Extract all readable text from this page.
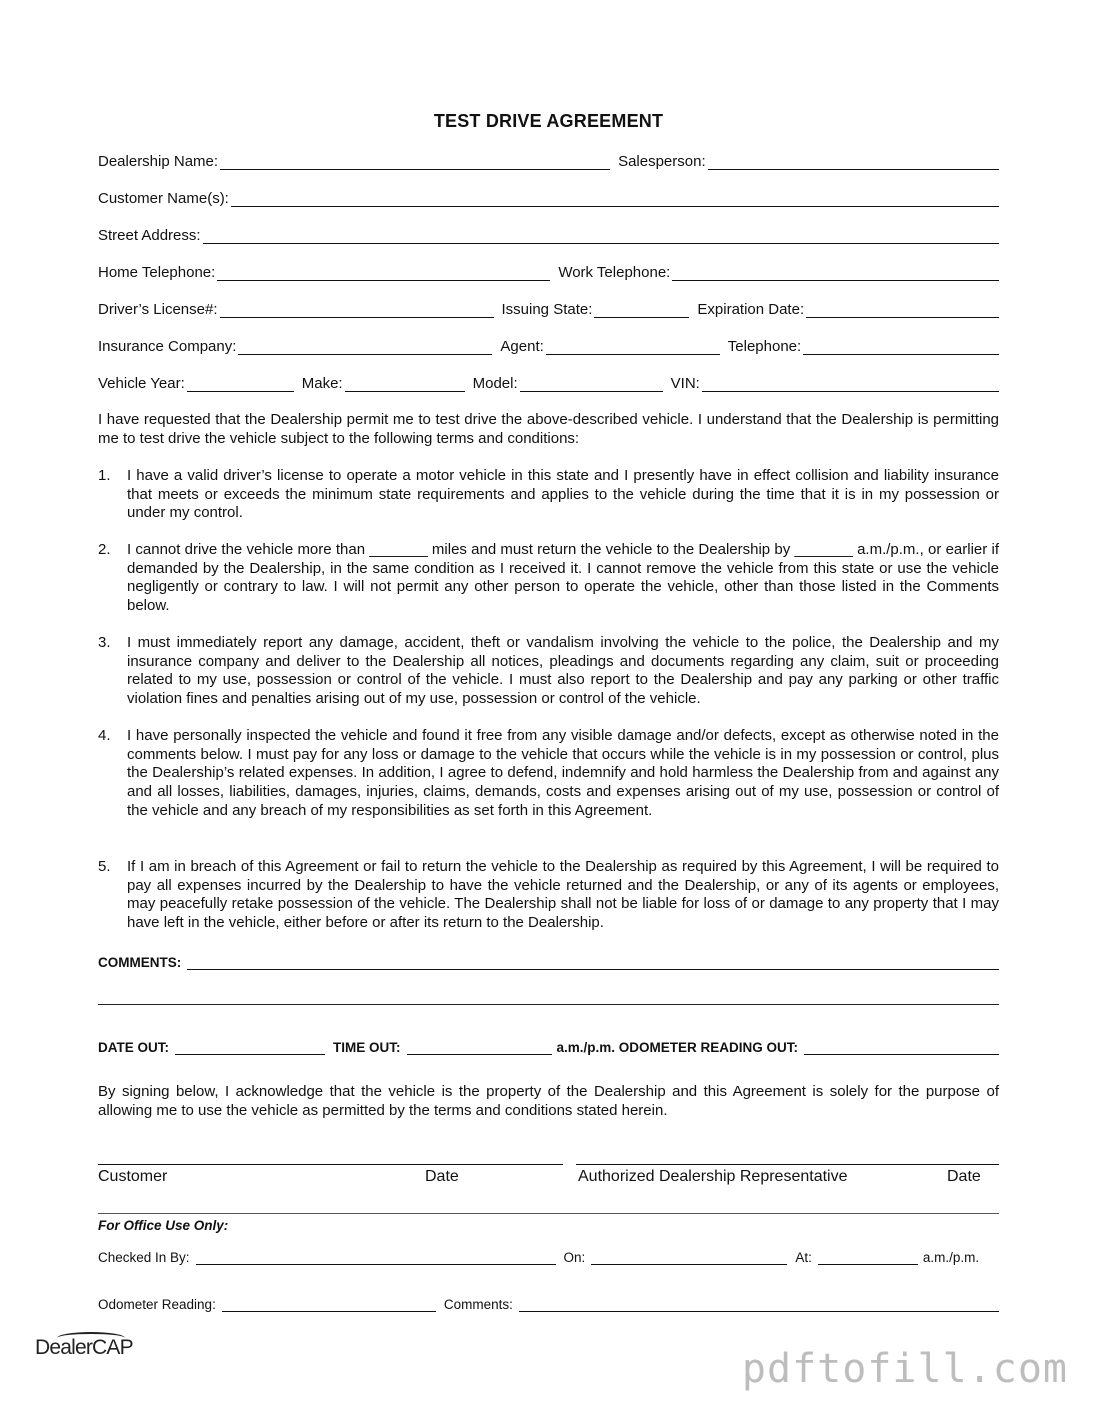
TEST DRIVE AGREEMENT
Dealership Name:	Salesperson:
Customer Name(s):
Street Address:
Home Telephone:	Work Telephone:
Driver’s License#:	Issuing State:	Expiration Date:
Insurance Company:	Agent:	Telephone:
Vehicle Year:	Make:	Model:	VIN:
I have requested that the Dealership permit me to test drive the above-described vehicle. I understand that the Dealership is permitting me to test drive the vehicle subject to the following terms and conditions:
1.	I have a valid driver’s license to operate a motor vehicle in this state and I presently have in effect collision and liability insurance that meets or exceeds the minimum state requirements and applies to the vehicle during the time that it is in my possession or under my control.
2.	I cannot drive the vehicle more than _______ miles and must return the vehicle to the Dealership by _______ a.m./p.m., or earlier if demanded by the Dealership, in the same condition as I received it. I cannot remove the vehicle from this state or use the vehicle negligently or contrary to law. I will not permit any other person to operate the vehicle, other than those listed in the Comments below.
3.	I must immediately report any damage, accident, theft or vandalism involving the vehicle to the police, the Dealership and my insurance company and deliver to the Dealership all notices, pleadings and documents regarding any claim, suit or proceeding related to my use, possession or control of the vehicle. I must also report to the Dealership and pay any parking or other traffic violation fines and penalties arising out of my use, possession or control of the vehicle.
4.	I have personally inspected the vehicle and found it free from any visible damage and/or defects, except as otherwise noted in the comments below. I must pay for any loss or damage to the vehicle that occurs while the vehicle is in my possession or control, plus the Dealership’s related expenses. In addition, I agree to defend, indemnify and hold harmless the Dealership from and against any and all losses, liabilities, damages, injuries, claims, demands, costs and expenses arising out of my use, possession or control of the vehicle and any breach of my responsibilities as set forth in this Agreement.
5.	If I am in breach of this Agreement or fail to return the vehicle to the Dealership as required by this Agreement, I will be required to pay all expenses incurred by the Dealership to have the vehicle returned and the Dealership, or any of its agents or employees, may peacefully retake possession of the vehicle. The Dealership shall not be liable for loss of or damage to any property that I may have left in the vehicle, either before or after its return to the Dealership.
COMMENTS:
DATE OUT:	TIME OUT:	a.m./p.m. ODOMETER READING OUT:
By signing below, I acknowledge that the vehicle is the property of the Dealership and this Agreement is solely for the purpose of allowing me to use the vehicle as permitted by the terms and conditions stated herein.
Customer	Date	Authorized Dealership Representative	Date
For Office Use Only:
Checked In By:	On:	At:	a.m./p.m.
Odometer Reading:	Comments:
DealerCAP	pdftofill.com
